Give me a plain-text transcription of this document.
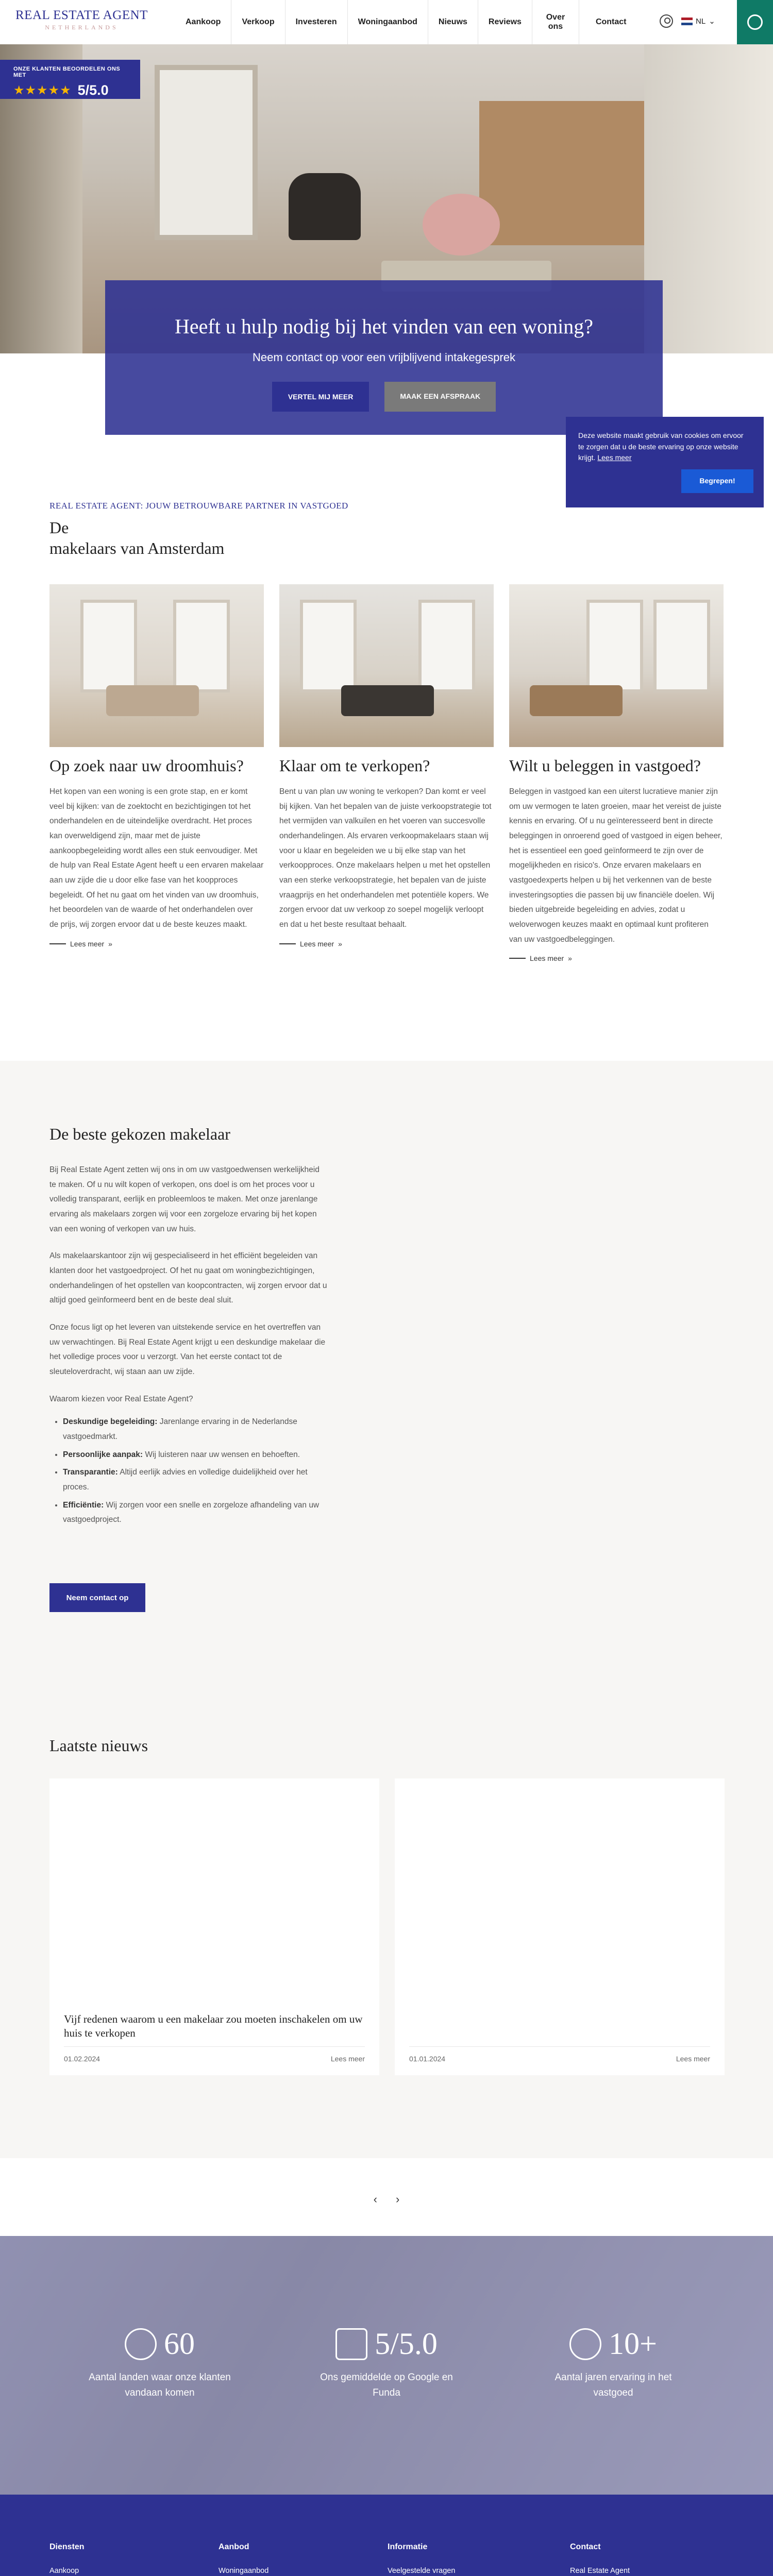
REAL ESTATE AGENT
NETHERLANDS
Aankoop	Verkoop	Investeren	Woningaanbod	Nieuws	Reviews
Over ons
Contact	NL ⌄
ONZE KLANTEN BEOORDELEN ONS MET
★★★★★ 5/5.0
Heeft u hulp nodig bij het vinden van een woning?
Neem contact op voor een vrijblijvend intakegesprek
VERTEL MIJ MEER	MAAK EEN AFSPRAAK
Deze website maakt gebruik van cookies om ervoor te zorgen dat u de beste ervaring op onze website krijgt. Lees meer
Begrepen!
REAL ESTATE AGENT: JOUW BETROUWBARE PARTNER IN VASTGOED
De
makelaars van Amsterdam
Op zoek naar uw droomhuis?

Het kopen van een woning is een grote stap, en er komt veel bij kijken: van de zoektocht en bezichtigingen tot het onderhandelen en de uiteindelijke overdracht. Het proces kan overweldigend zijn, maar met de juiste aankoopbegeleiding wordt alles een stuk eenvoudiger. Met de hulp van Real Estate Agent heeft u een ervaren makelaar aan uw zijde die u door elke fase van het koopproces begeleidt. Of het nu gaat om het vinden van uw droomhuis, het beoordelen van de waarde of het onderhandelen over de prijs, wij zorgen ervoor dat u de beste keuzes maakt.

Lees meer »
Klaar om te verkopen?

Bent u van plan uw woning te verkopen? Dan komt er veel bij kijken. Van het bepalen van de juiste verkoopstrategie tot het vermijden van valkuilen en het voeren van succesvolle onderhandelingen. Als ervaren verkoopmakelaars staan wij voor u klaar en begeleiden we u bij elke stap van het verkoopproces. Onze makelaars helpen u met het opstellen van een sterke verkoopstrategie, het bepalen van de juiste vraagprijs en het onderhandelen met potentiële kopers. We zorgen ervoor dat uw verkoop zo soepel mogelijk verloopt en dat u het beste resultaat behaalt.

Lees meer »
Wilt u beleggen in vastgoed?

Beleggen in vastgoed kan een uiterst lucratieve manier zijn om uw vermogen te laten groeien, maar het vereist de juiste kennis en ervaring. Of u nu geïnteresseerd bent in directe beleggingen in onroerend goed of vastgoed in eigen beheer, het is essentieel een goed geïnformeerd te zijn over de mogelijkheden en risico's. Onze ervaren makelaars en vastgoedexperts helpen u bij het verkennen van de beste investeringsopties die passen bij uw financiële doelen. Wij bieden uitgebreide begeleiding en advies, zodat u weloverwogen keuzes maakt en optimaal kunt profiteren van uw vastgoedbeleggingen.

Lees meer »
De beste gekozen makelaar

Bij Real Estate Agent zetten wij ons in om uw vastgoedwensen werkelijkheid te maken. Of u nu wilt kopen of verkopen, ons doel is om het proces voor u volledig transparant, eerlijk en probleemloos te maken. Met onze jarenlange ervaring als makelaars zorgen wij voor een zorgeloze ervaring bij het kopen van een woning of verkopen van uw huis.

Als makelaarskantoor zijn wij gespecialiseerd in het efficiënt begeleiden van klanten door het vastgoedproject. Of het nu gaat om woningbezichtigingen, onderhandelingen of het opstellen van koopcontracten, wij zorgen ervoor dat u altijd goed geïnformeerd bent en de beste deal sluit.

Onze focus ligt op het leveren van uitstekende service en het overtreffen van uw verwachtingen. Bij Real Estate Agent krijgt u een deskundige makelaar die het volledige proces voor u verzorgt. Van het eerste contact tot de sleuteloverdracht, wij staan aan uw zijde.

Waarom kiezen voor Real Estate Agent?

• Deskundige begeleiding: Jarenlange ervaring in de Nederlandse vastgoedmarkt.
• Persoonlijke aanpak: Wij luisteren naar uw wensen en behoeften.
• Transparantie: Altijd eerlijk advies en volledige duidelijkheid over het proces.
• Efficiëntie: Wij zorgen voor een snelle en zorgeloze afhandeling van uw vastgoedproject.
Neem contact op
Laatste nieuws
Vijf redenen waarom u een makelaar zou moeten inschakelen om uw huis te verkopen
01.02.2024	Lees meer	01.01.2024	Lees meer
‹ ›
60
Aantal landen waar onze klanten vandaan komen
5/5.0
Ons gemiddelde op Google en Funda
10+
Aantal jaren ervaring in het vastgoed
Diensten
Aankoop
Aanbod
Woningaanbod
Informatie
Veelgestelde vragen
Contact
Real Estate Agent
